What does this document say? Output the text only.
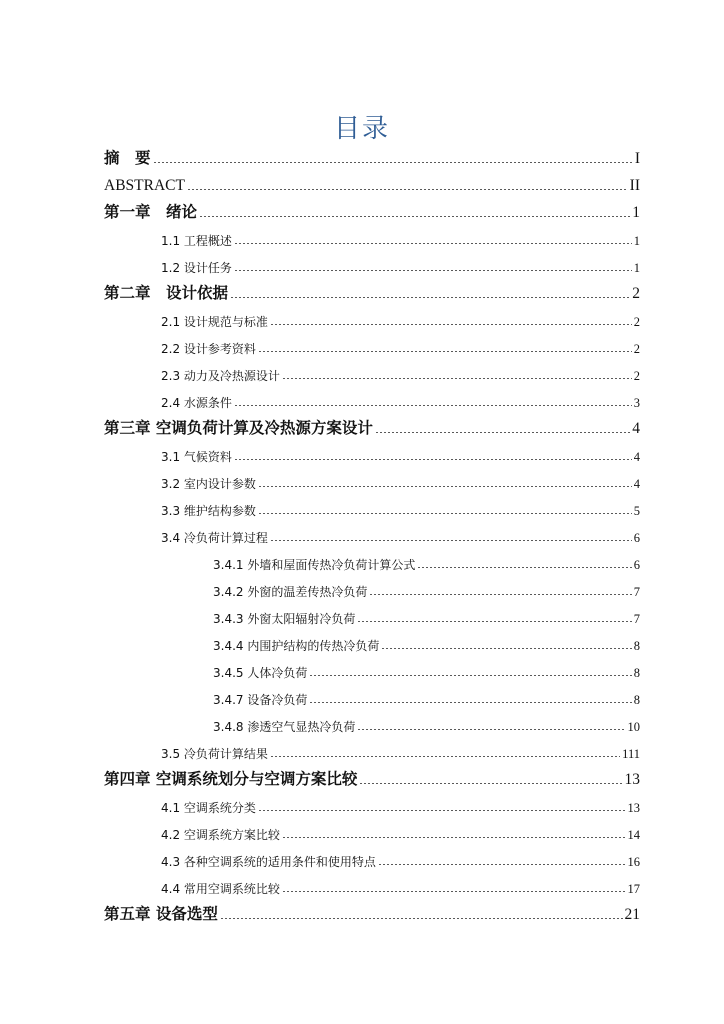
目录
摘　要	I
ABSTRACT	II
第一章　绪论	1
1.1 工程概述	1
1.2 设计任务	1
第二章　设计依据	2
2.1 设计规范与标准	2
2.2 设计参考资料	2
2.3 动力及冷热源设计	2
2.4 水源条件	3
第三章 空调负荷计算及冷热源方案设计	4
3.1 气候资料	4
3.2 室内设计参数	4
3.3 维护结构参数	5
3.4 冷负荷计算过程	6
3.4.1 外墙和屋面传热冷负荷计算公式	6
3.4.2 外窗的温差传热冷负荷	7
3.4.3 外窗太阳辐射冷负荷	7
3.4.4 内围护结构的传热冷负荷	8
3.4.5 人体冷负荷	8
3.4.7 设备冷负荷	8
3.4.8 渗透空气显热冷负荷	10
3.5 冷负荷计算结果	111
第四章 空调系统划分与空调方案比较	13
4.1 空调系统分类	13
4.2 空调系统方案比较	14
4.3 各种空调系统的适用条件和使用特点	16
4.4 常用空调系统比较	17
第五章 设备选型	21
